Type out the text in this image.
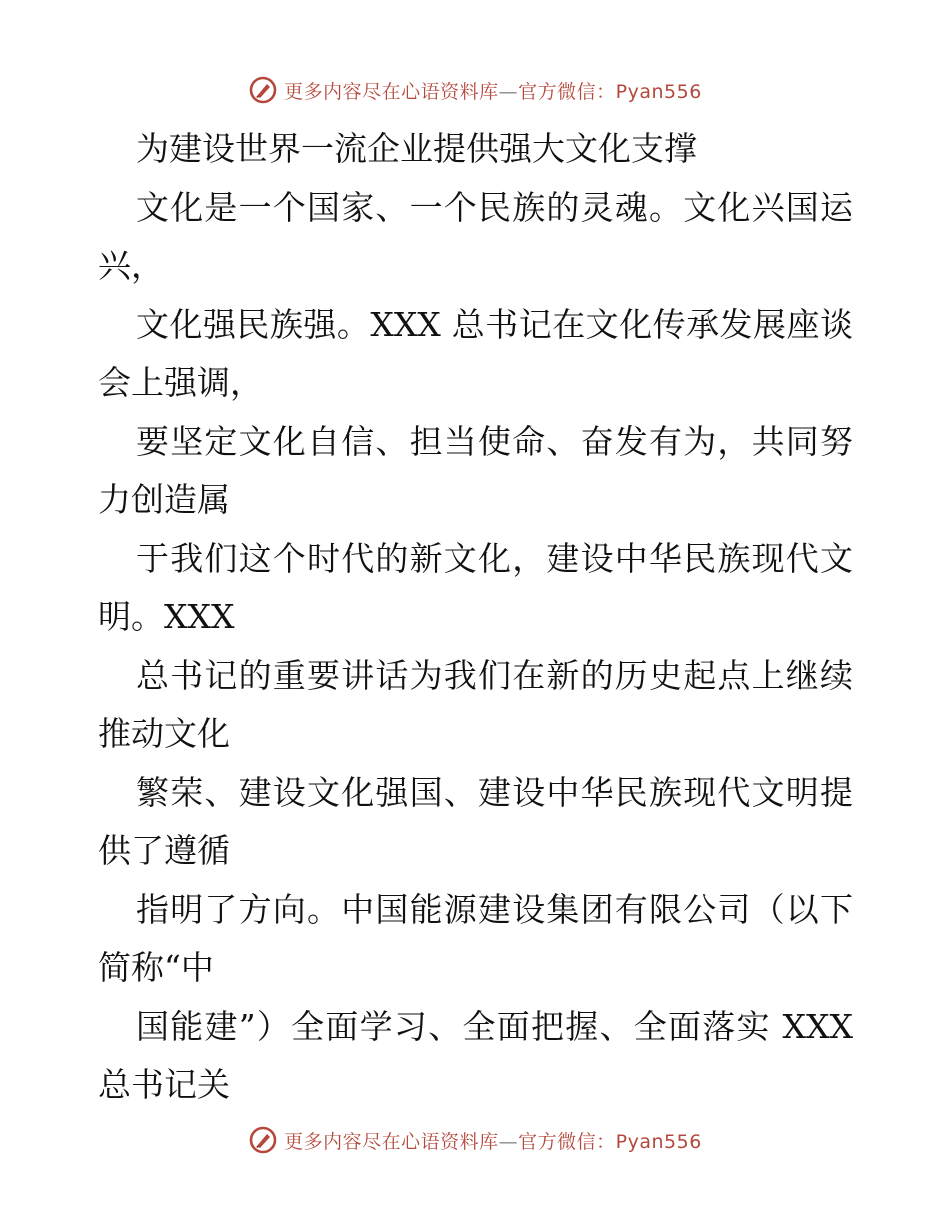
更多内容尽在心语资料库—官方微信：Pyan556
为建设世界一流企业提供强大文化支撑
文化是一个国家、一个民族的灵魂。文化兴国运
兴，
文化强民族强。XXX 总书记在文化传承发展座谈
会上强调，
要坚定文化自信、担当使命、奋发有为，共同努
力创造属
于我们这个时代的新文化，建设中华民族现代文
明。XXX
总书记的重要讲话为我们在新的历史起点上继续
推动文化
繁荣、建设文化强国、建设中华民族现代文明提
供了遵循
指明了方向。中国能源建设集团有限公司（以下
简称“中
国能建”）全面学习、全面把握、全面落实 XXX
总书记关
更多内容尽在心语资料库—官方微信：Pyan556
